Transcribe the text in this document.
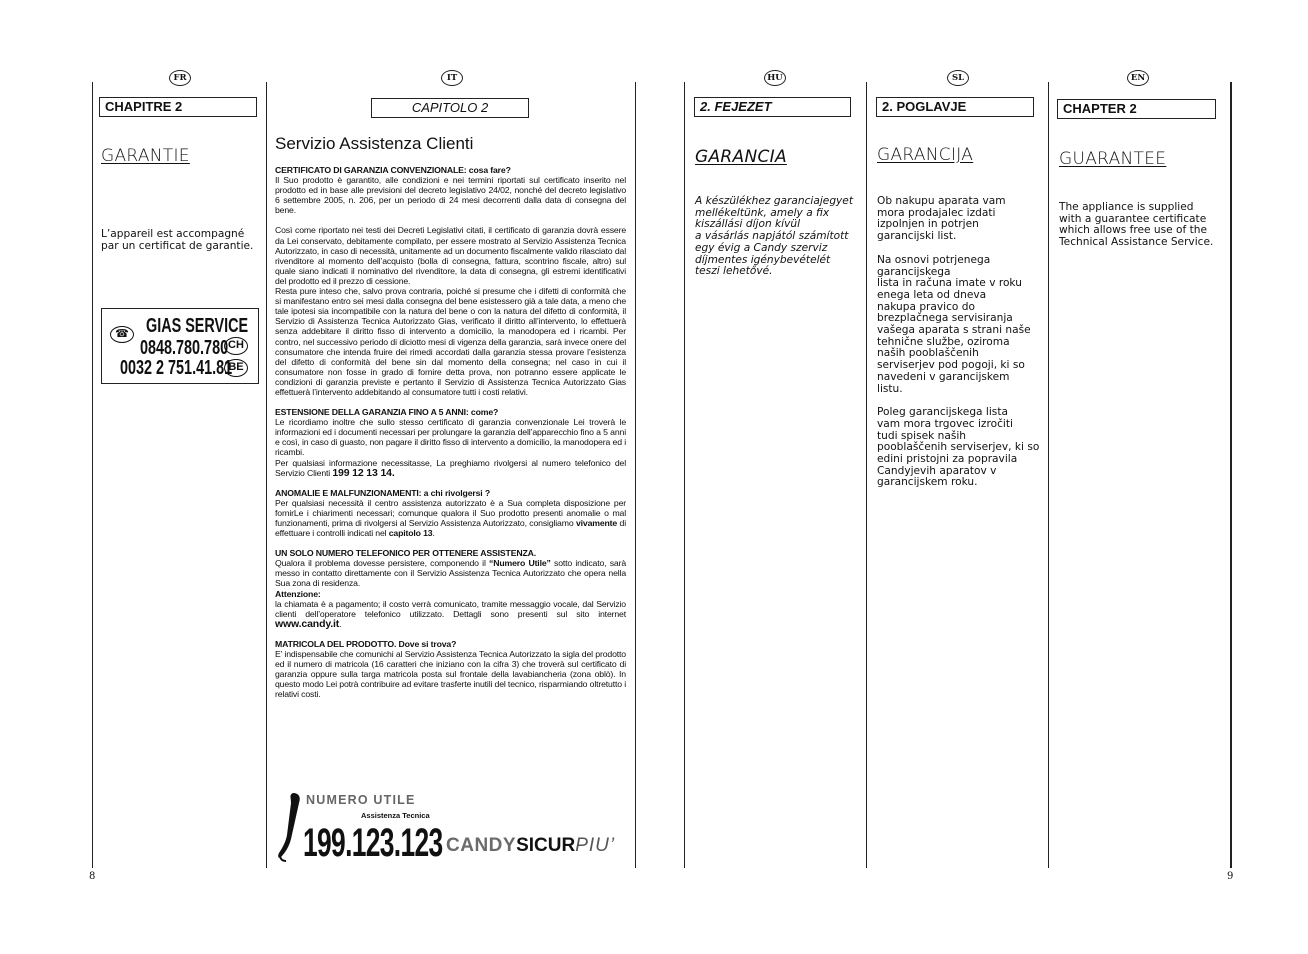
FR	IT	HU	SL	EN
CHAPITRE 2
GARANTIE
L’appareil est accompagné par un certificat de garantie.
☎ GIAS SERVICE
0848.780.780 CH
0032 2 751.41.81
BE
CAPITOLO 2
Servizio Assistenza Clienti
CERTIFICATO DI GARANZIA CONVENZIONALE: cosa fare?

Il Suo prodotto è garantito, alle condizioni e nei termini riportati sul certificato inserito nel prodotto ed in base alle previsioni del decreto legislativo 24/02, nonché del decreto legislativo 6 settembre 2005, n. 206, per un periodo di 24 mesi decorrenti dalla data di consegna del bene.

Così come riportato nei testi dei Decreti Legislativi citati, il certificato di garanzia dovrà essere da Lei conservato, debitamente compilato, per essere mostrato al Servizio Assistenza Tecnica Autorizzato, in caso di necessità, unitamente ad un documento fiscalmente valido rilasciato dal rivenditore al momento dell’acquisto (bolla di consegna, fattura, scontrino fiscale, altro) sul quale siano indicati il nominativo del rivenditore, la data di consegna, gli estremi identificativi del prodotto ed il prezzo di cessione.

Resta pure inteso che, salvo prova contraria, poiché si presume che i difetti di conformità che si manifestano entro sei mesi dalla consegna del bene esistessero già a tale data, a meno che tale ipotesi sia incompatibile con la natura del bene o con la natura del difetto di conformità, il Servizio di Assistenza Tecnica Autorizzato Gias, verificato il diritto all’intervento, lo effettuerà senza addebitare il diritto fisso di intervento a domicilio, la manodopera ed i ricambi. Per contro, nel successivo periodo di diciotto mesi di vigenza della garanzia, sarà invece onere del consumatore che intenda fruire dei rimedi accordati dalla garanzia stessa provare l’esistenza del difetto di conformità del bene sin dal momento della consegna; nel caso in cui il consumatore non fosse in grado di fornire detta prova, non potranno essere applicate le condizioni di garanzia previste e pertanto il Servizio di Assistenza Tecnica Autorizzato Gias effettuerà l’intervento addebitando al consumatore tutti i costi relativi.

ESTENSIONE DELLA GARANZIA FINO A 5 ANNI: come?

Le ricordiamo inoltre che sullo stesso certificato di garanzia convenzionale Lei troverà le informazioni ed i documenti necessari per prolungare la garanzia dell’apparecchio fino a 5 anni e così, in caso di guasto, non pagare il diritto fisso di intervento a domicilio, la manodopera ed i ricambi.

Per qualsiasi informazione necessitasse, La preghiamo rivolgersi al numero telefonico del Servizio Clienti 199 12 13 14.

ANOMALIE E MALFUNZIONAMENTI: a chi rivolgersi ?

Per qualsiasi necessità il centro assistenza autorizzato è a Sua completa disposizione per fornirLe i chiarimenti necessari; comunque qualora il Suo prodotto presenti anomalie o mal funzionamenti, prima di rivolgersi al Servizio Assistenza Autorizzato, consigliamo vivamente di effettuare i controlli indicati nel capitolo 13.

UN SOLO NUMERO TELEFONICO PER OTTENERE ASSISTENZA.

Qualora il problema dovesse persistere, componendo il “Numero Utile” sotto indicato, sarà messo in contatto direttamente con il Servizio Assistenza Tecnica Autorizzato che opera nella Sua zona di residenza.

Attenzione:

la chiamata è a pagamento; il costo verrà comunicato, tramite messaggio vocale, dal Servizio clienti dell’operatore telefonico utilizzato. Dettagli sono presenti sul sito internet www.candy.it.

MATRICOLA DEL PRODOTTO. Dove si trova?

E’ indispensabile che comunichi al Servizio Assistenza Tecnica Autorizzato la sigla del prodotto ed il numero di matricola (16 caratteri che iniziano con la cifra 3) che troverà sul certificato di garanzia oppure sulla targa matricola posta sul frontale della lavabiancheria (zona oblò). In questo modo Lei potrà contribuire ad evitare trasferte inutili del tecnico, risparmiando oltretutto i relativi costi.

NUMERO UTILE
Assistenza Tecnica
199.123.123 CANDYSICURPIU’
2. FEJEZET
GARANCIA
A készülékhez garanciajegyet
mellékeltünk, amely a fix
kiszállási díjon kívül
a vásárlás napjától számított
egy évig a Candy szerviz
díjmentes igénybevételét
teszi lehetővé.
2. POGLAVJE
GARANCIJA
Ob nakupu aparata vam
mora prodajalec izdati
izpolnjen in potrjen
garancijski list.
Na osnovi potrjenega
garancijskega
lista in računa imate v roku
enega leta od dneva
nakupa pravico do
brezplačnega servisiranja
vašega aparata s strani naše
tehnične službe, oziroma
naših pooblaščenih
serviserjev pod pogoji, ki so
navedeni v garancijskem
listu.
Poleg garancijskega lista
vam mora trgovec izročiti
tudi spisek naših
pooblaščenih serviserjev, ki so
edini pristojni za popravila
Candyjevih aparatov v
garancijskem roku.
CHAPTER 2
GUARANTEE
The appliance is supplied
with a guarantee certificate
which allows free use of the
Technical Assistance Service.
8	9
